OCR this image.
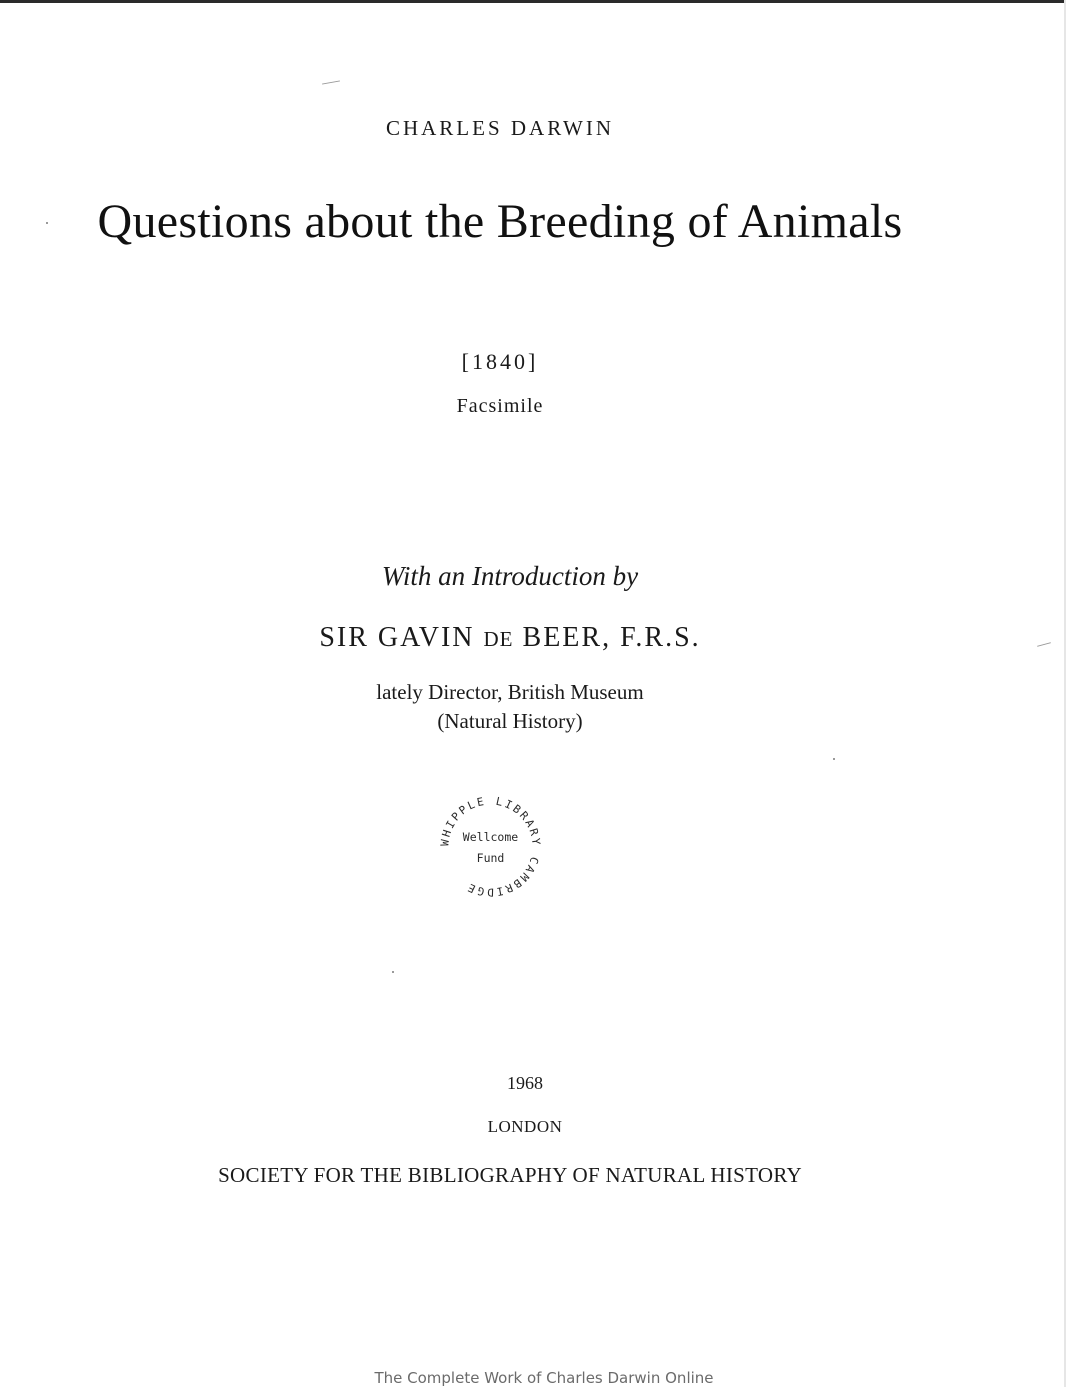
CHARLES DARWIN
Questions about the Breeding of Animals
[1840]
Facsimile
With an Introduction by
SIR GAVIN DE BEER, F.R.S.
lately Director, British Museum
(Natural History)
WHIPPLE LIBRARY CAMBRIDGE
Wellcome
Fund
1968
LONDON
SOCIETY FOR THE BIBLIOGRAPHY OF NATURAL HISTORY
The Complete Work of Charles Darwin Online
